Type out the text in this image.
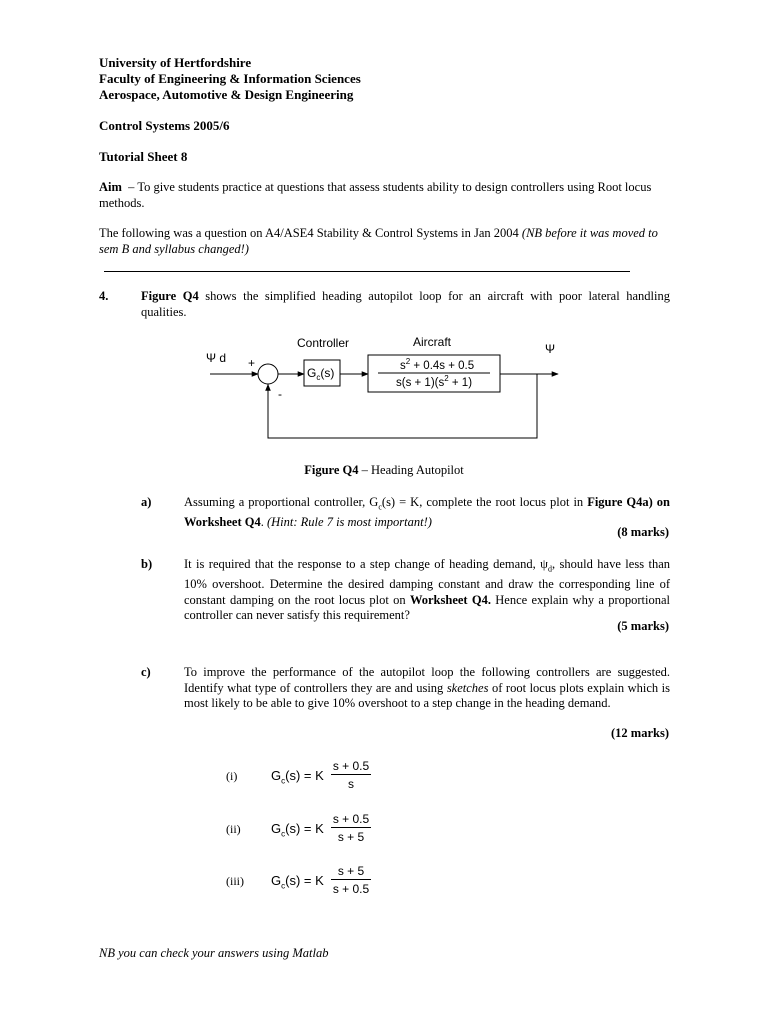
University of Hertfordshire
Faculty of Engineering & Information Sciences
Aerospace, Automotive & Design Engineering
Control Systems 2005/6
Tutorial Sheet 8
Aim – To give students practice at questions that assess students ability to design controllers using Root locus methods.
The following was a question on A4/ASE4 Stability & Control Systems in Jan 2004 (NB before it was moved to sem B and syllabus changed!)
4.	Figure Q4 shows the simplified heading autopilot loop for an aircraft with poor lateral handling qualities.
Ψ d
Ψ
+
-
Controller	Aircraft
$G_c(s)$	$s^2 + 0.4s + 0.5$
$s(s + 1)(s^2 + 1)$
Figure Q4 – Heading Autopilot
a)	Assuming a proportional controller, $G_c(s) = K$, complete the root locus plot in Figure Q4a) on Worksheet Q4. (Hint: Rule 7 is most important!)
(8 marks)
b)	It is required that the response to a step change of heading demand, $\psi_d$, should have less than 10% overshoot. Determine the desired damping constant and draw the corresponding line of constant damping on the root locus plot on Worksheet Q4. Hence explain why a proportional controller can never satisfy this requirement?
(5 marks)
c)	To improve the performance of the autopilot loop the following controllers are suggested. Identify what type of controllers they are and using sketches of root locus plots explain which is most likely to be able to give 10% overshoot to a step change in the heading demand.
(12 marks)
(i)	$G_c(s) = K \frac{s + 0.5}{s}$
(ii) $G_c(s) = K \frac{s + 0.5}{s + 5}$
(iii) $G_c(s) = K \frac{s + 5}{s + 0.5}$
NB you can check your answers using Matlab
